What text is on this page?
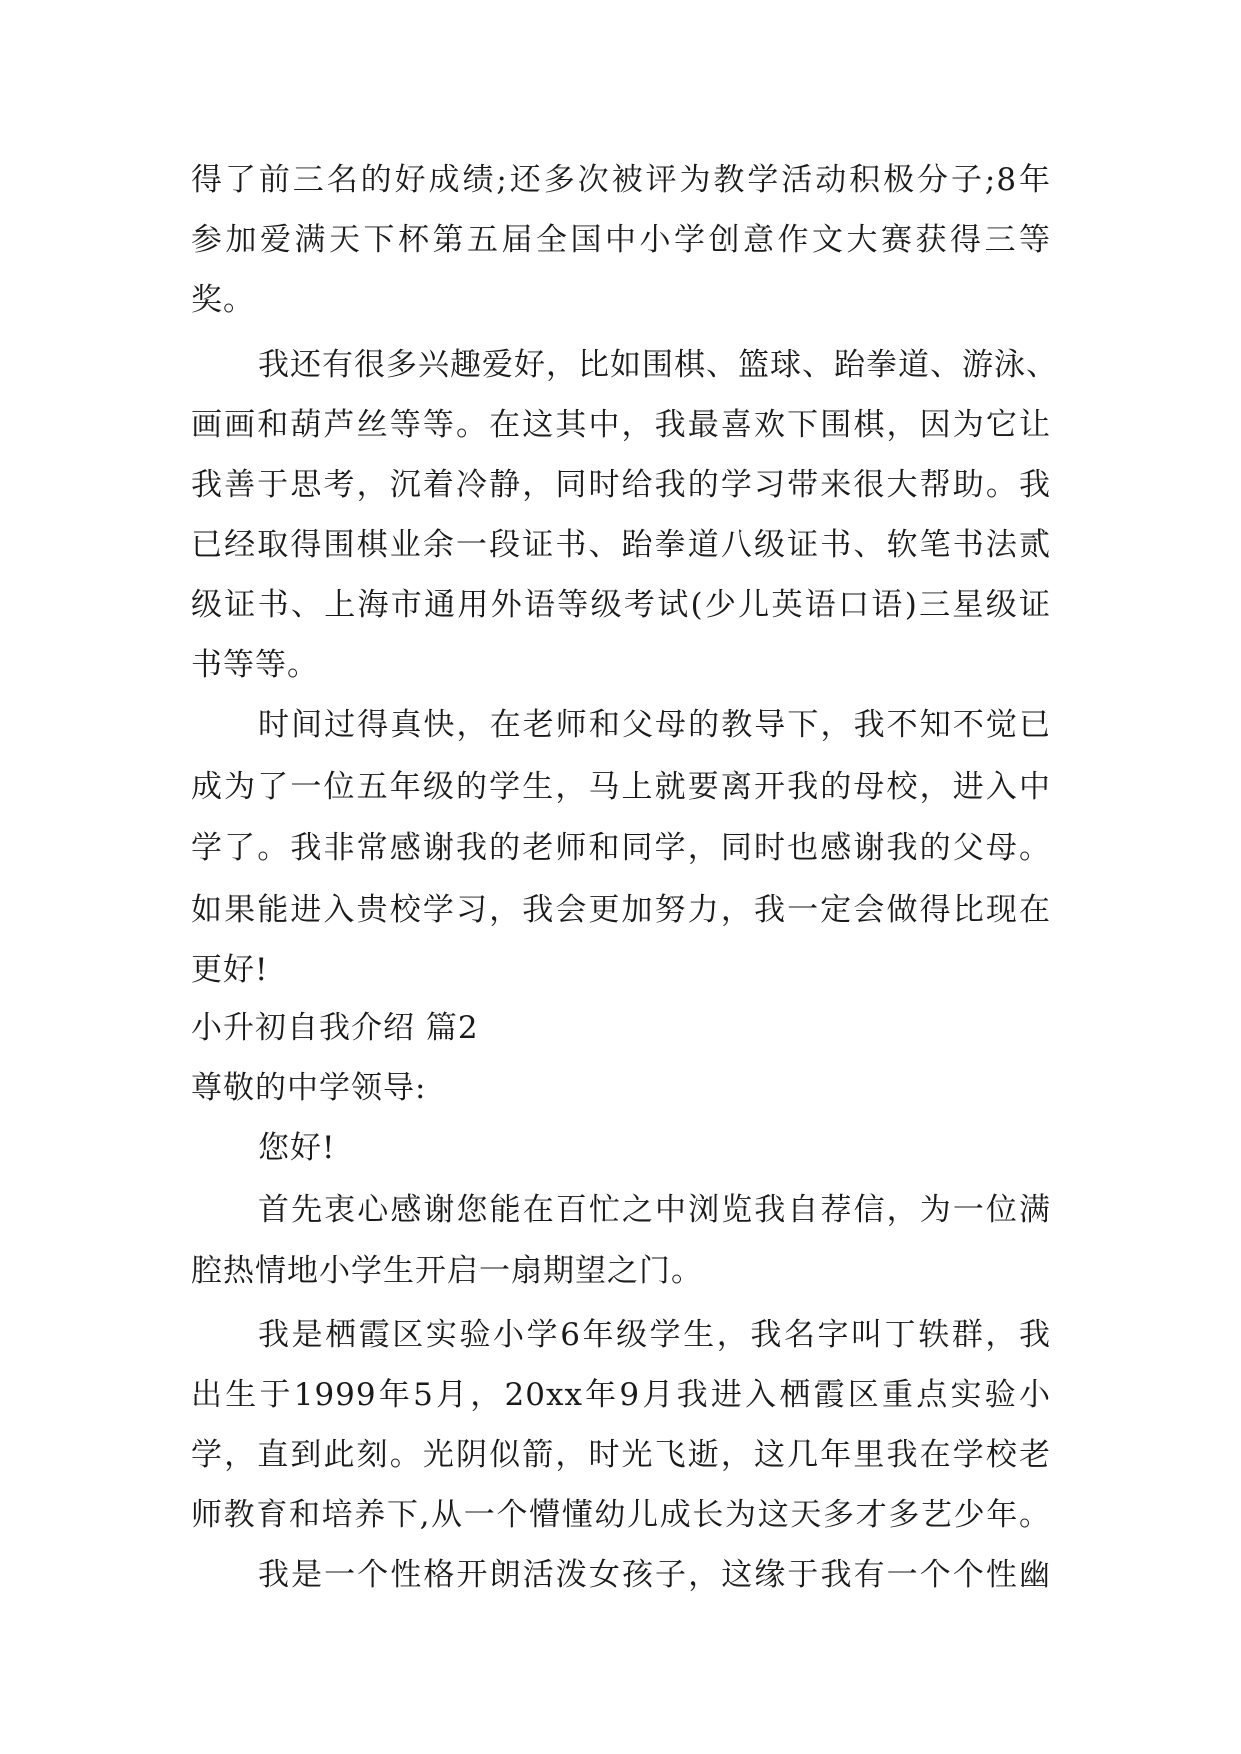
得了前三名的好成绩;还多次被评为教学活动积极分子;8年
参加爱满天下杯第五届全国中小学创意作文大赛获得三等
奖。
我还有很多兴趣爱好，比如围棋、篮球、跆拳道、游泳、
画画和葫芦丝等等。在这其中，我最喜欢下围棋，因为它让
我善于思考，沉着冷静，同时给我的学习带来很大帮助。我
已经取得围棋业余一段证书、跆拳道八级证书、软笔书法贰
级证书、上海市通用外语等级考试(少儿英语口语)三星级证
书等等。
时间过得真快，在老师和父母的教导下，我不知不觉已
成为了一位五年级的学生，马上就要离开我的母校，进入中
学了。我非常感谢我的老师和同学，同时也感谢我的父母。
如果能进入贵校学习，我会更加努力，我一定会做得比现在
更好!
小升初自我介绍 篇2
尊敬的中学领导:
您好!
首先衷心感谢您能在百忙之中浏览我自荐信，为一位满
腔热情地小学生开启一扇期望之门。
我是栖霞区实验小学6年级学生，我名字叫丁轶群，我
出生于1999年5月，20xx年9月我进入栖霞区重点实验小
学，直到此刻。光阴似箭，时光飞逝，这几年里我在学校老
师教育和培养下,从一个懵懂幼儿成长为这天多才多艺少年。
我是一个性格开朗活泼女孩子，这缘于我有一个个性幽
